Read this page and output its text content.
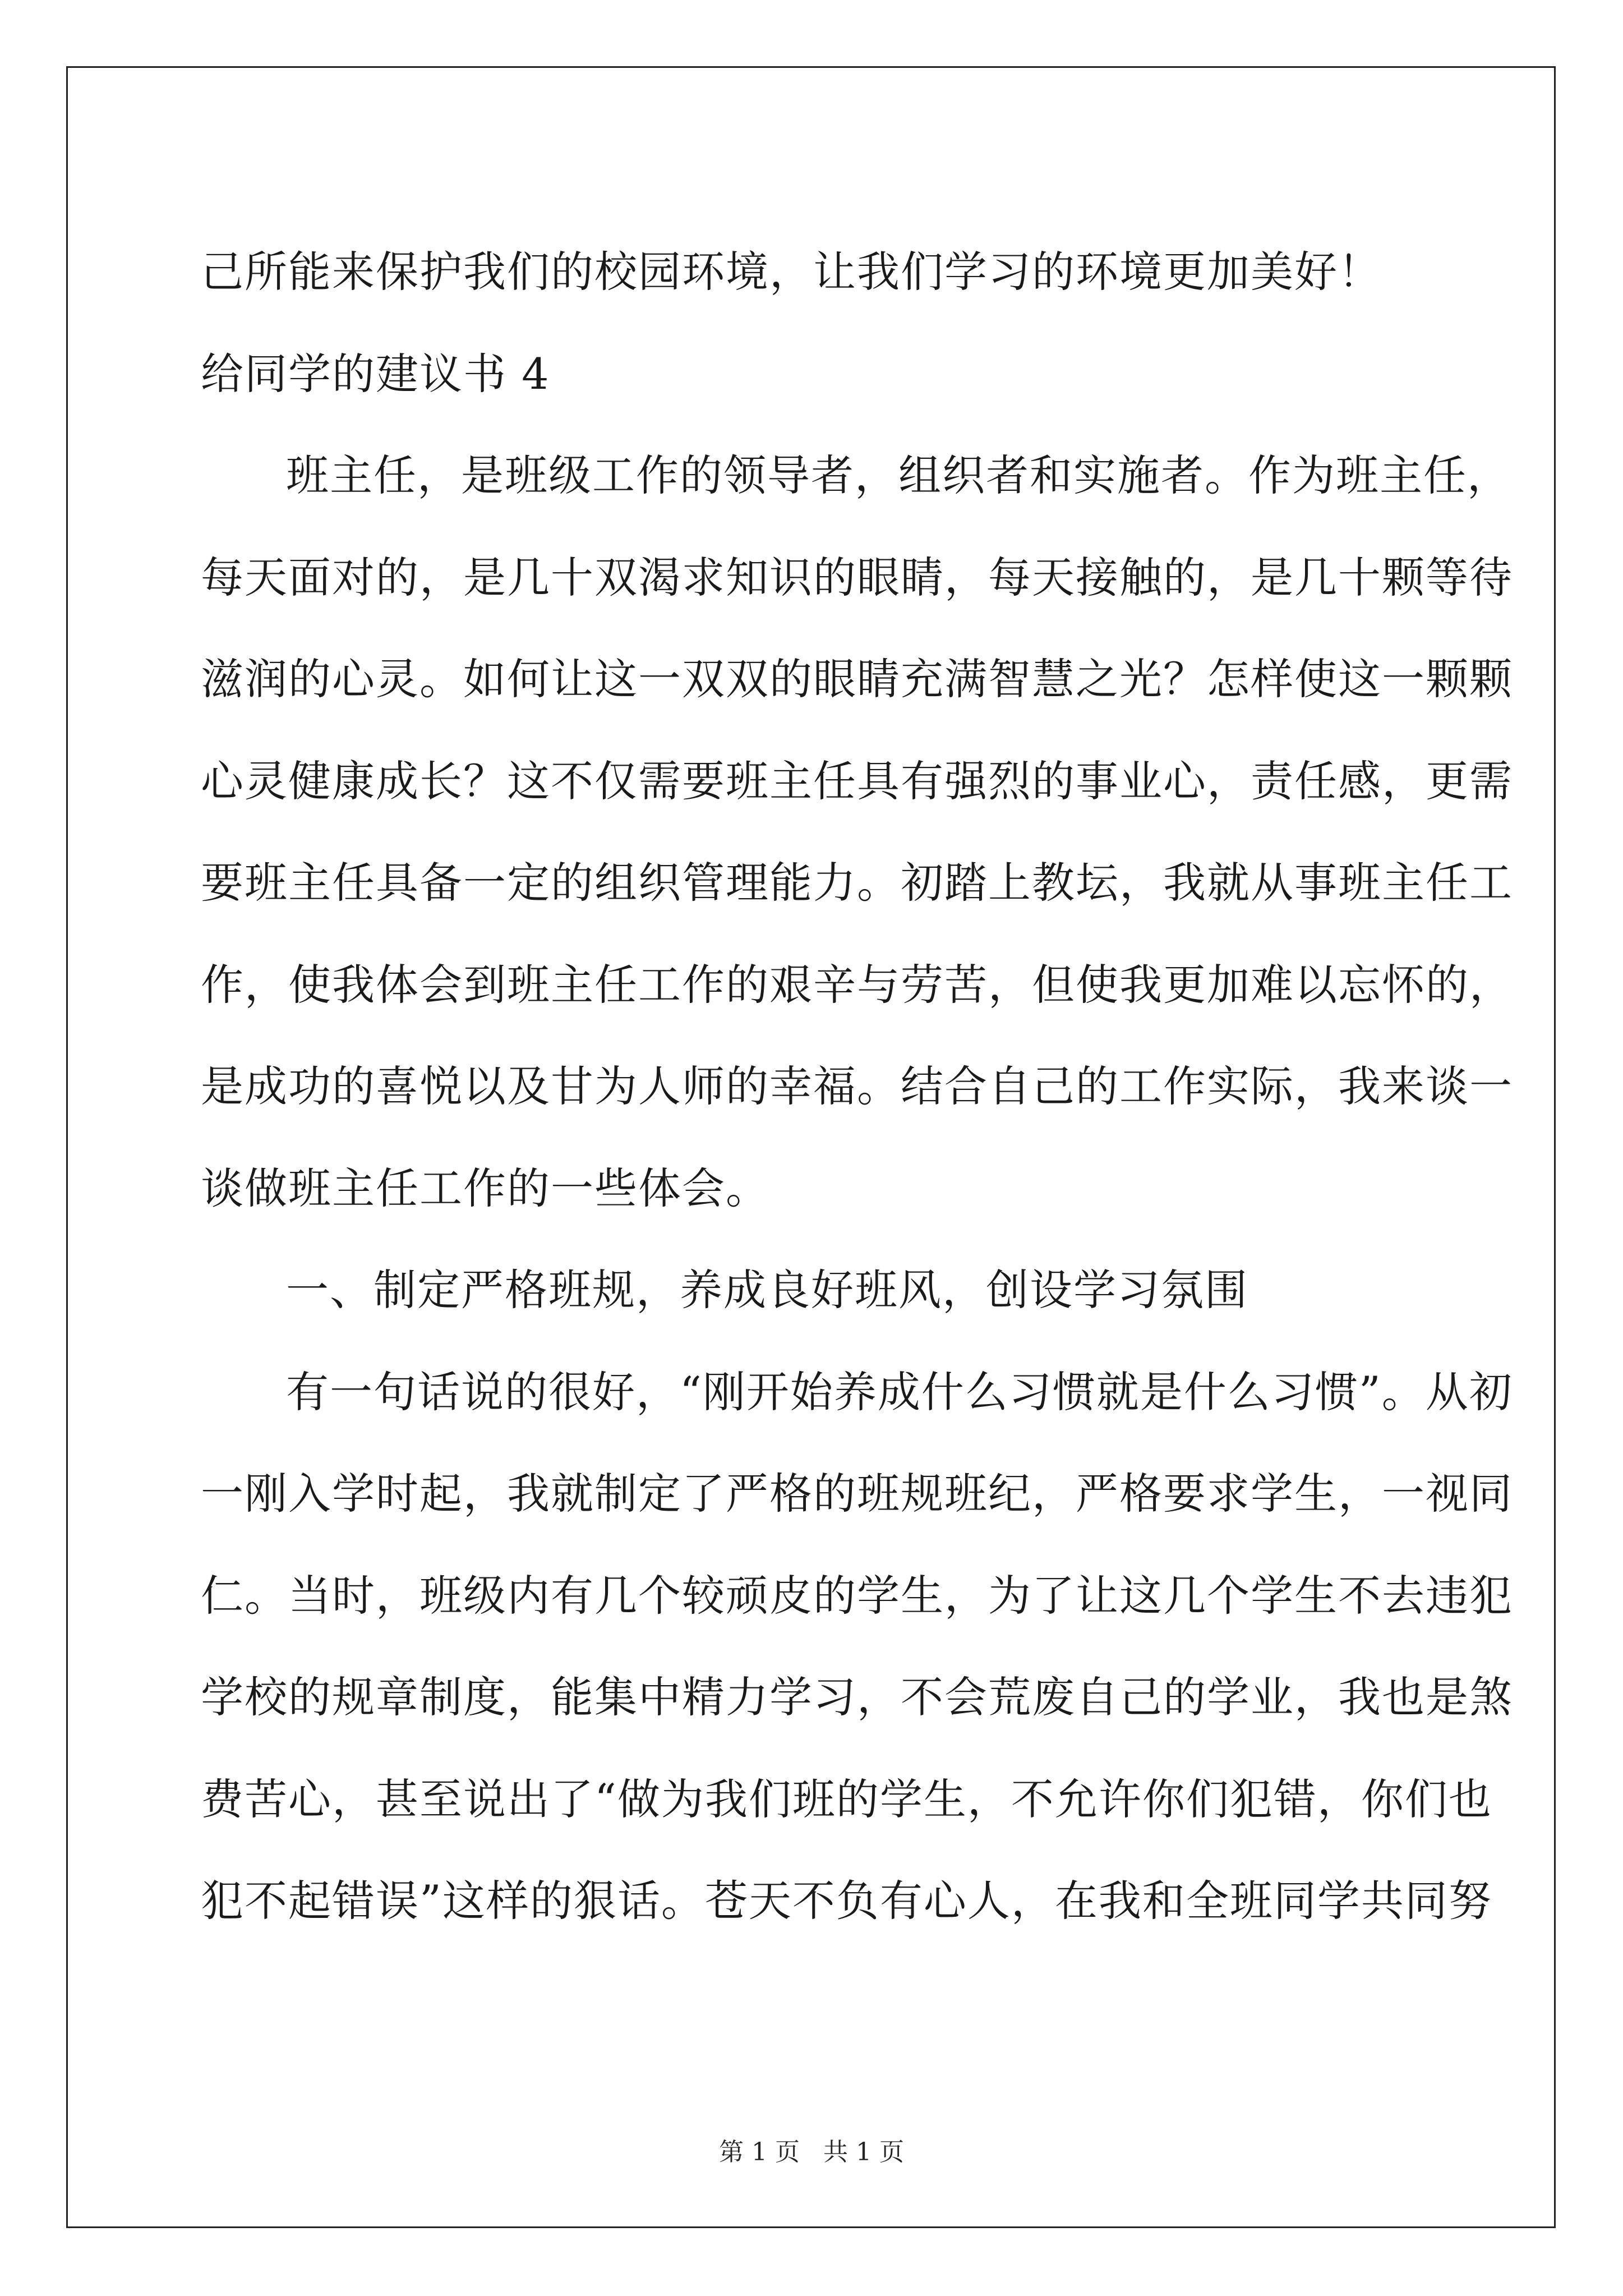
己所能来保护我们的校园环境，让我们学习的环境更加美好！
给同学的建议书 4
班主任，是班级工作的领导者，组织者和实施者。作为班主任，
每天面对的，是几十双渴求知识的眼睛，每天接触的，是几十颗等待
滋润的心灵。如何让这一双双的眼睛充满智慧之光？怎样使这一颗颗
心灵健康成长？这不仅需要班主任具有强烈的事业心，责任感，更需
要班主任具备一定的组织管理能力。初踏上教坛，我就从事班主任工
作，使我体会到班主任工作的艰辛与劳苦，但使我更加难以忘怀的，
是成功的喜悦以及甘为人师的幸福。结合自己的工作实际，我来谈一
谈做班主任工作的一些体会。
一、制定严格班规，养成良好班风，创设学习氛围
有一句话说的很好，“刚开始养成什么习惯就是什么习惯”。从初
一刚入学时起，我就制定了严格的班规班纪，严格要求学生，一视同
仁。当时，班级内有几个较顽皮的学生，为了让这几个学生不去违犯
学校的规章制度，能集中精力学习，不会荒废自己的学业，我也是煞
费苦心，甚至说出了“做为我们班的学生，不允许你们犯错，你们也
犯不起错误”这样的狠话。苍天不负有心人，在我和全班同学共同努
第 1 页   共 1 页
